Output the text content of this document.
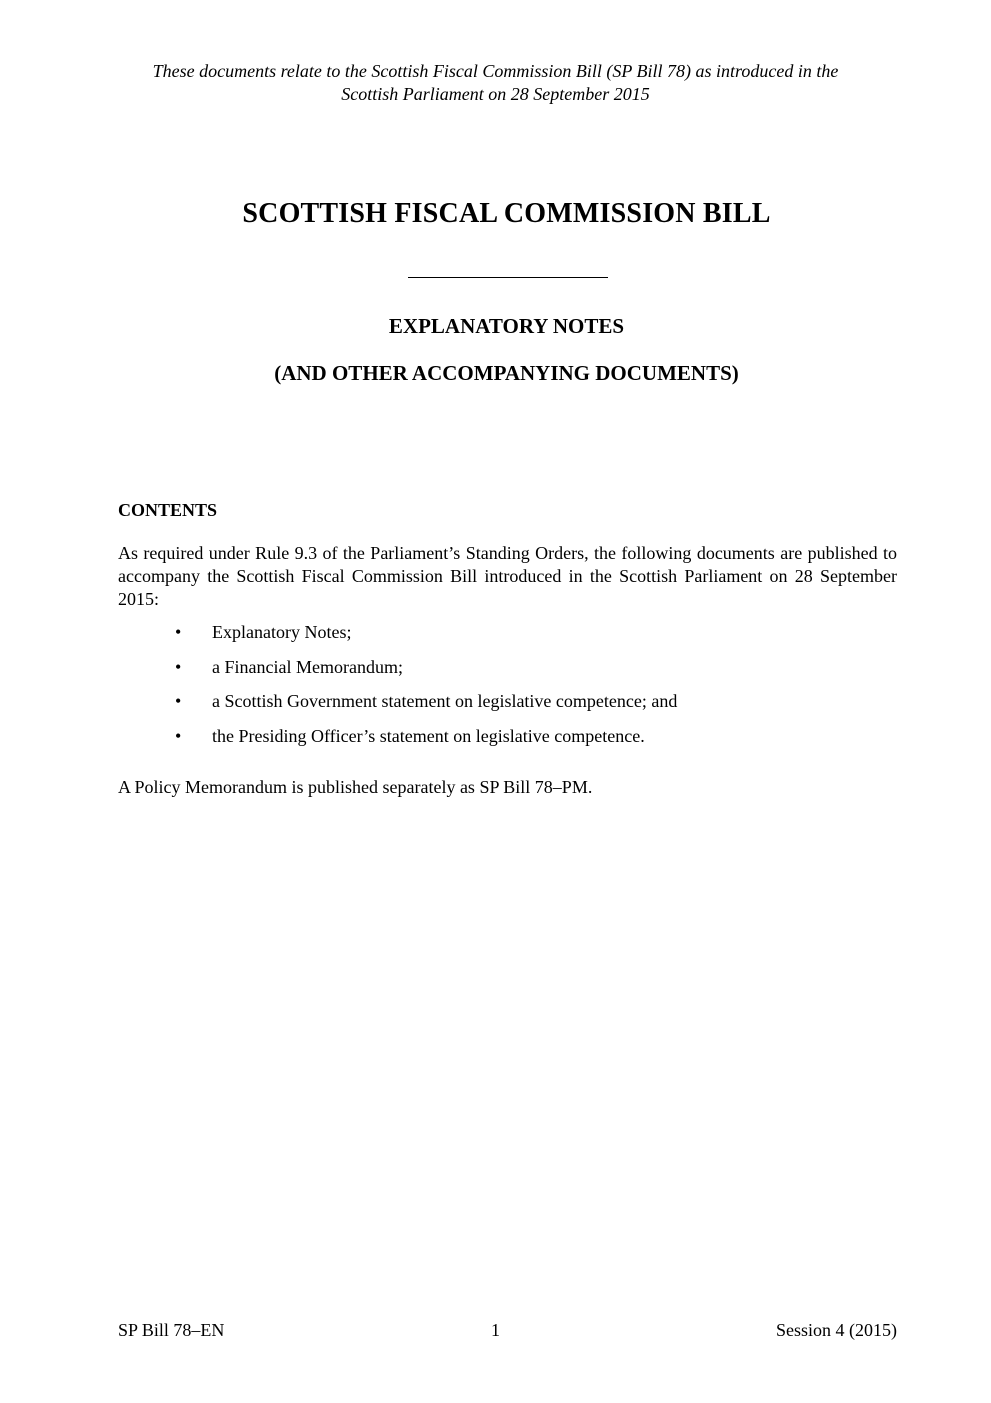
These documents relate to the Scottish Fiscal Commission Bill (SP Bill 78) as introduced in the
Scottish Parliament on 28 September 2015
SCOTTISH FISCAL COMMISSION BILL
EXPLANATORY NOTES
(AND OTHER ACCOMPANYING DOCUMENTS)
CONTENTS
As required under Rule 9.3 of the Parliament’s Standing Orders, the following documents are published to accompany the Scottish Fiscal Commission Bill introduced in the Scottish Parliament on 28 September 2015:
• Explanatory Notes;
• a Financial Memorandum;
• a Scottish Government statement on legislative competence; and
• the Presiding Officer’s statement on legislative competence.
A Policy Memorandum is published separately as SP Bill 78–PM.
SP Bill 78–EN	1	Session 4 (2015)
